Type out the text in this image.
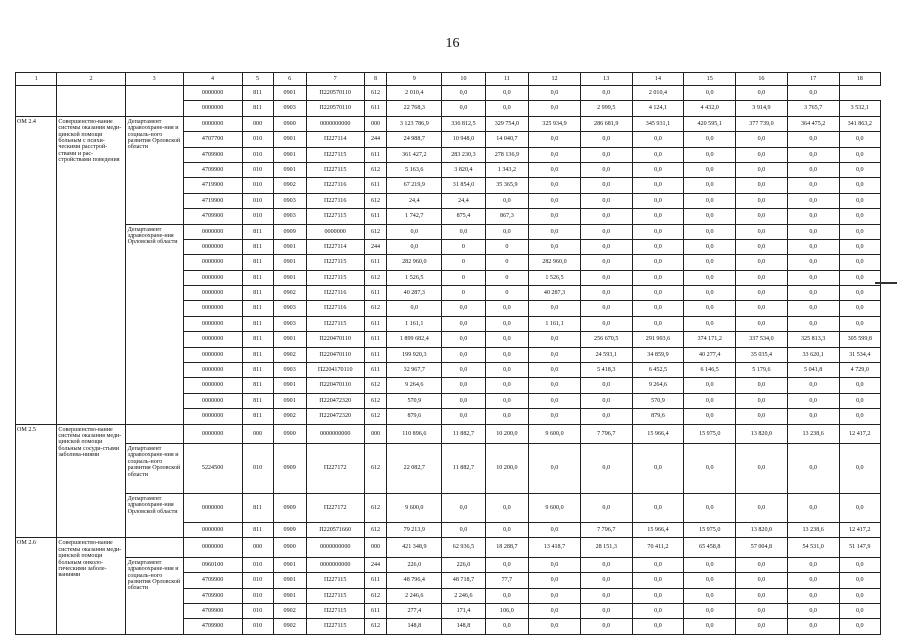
16
1	2	3	4	5	6	7	8	9	10	11	12	13	14	15	16	17	18
			0000000	811	0901	П220570110	612	2 010,4	0,0	0,0	0,0	0,0	2 010,4	0,0	0,0	0,0	
			0000000	811	0903	П220570110	611	22 768,3	0,0	0,0	0,0	2 999,5	4 124,1	4 432,0	3 914,9	3 765,7	3 532,1
ОМ 2.4	Совершенство-вание системы оказания меди-цинской помощи больным с психи-ческими расстрой-ствами и рас-стройствами поведения	Департамент здравоохране-ния и социаль-ного развития Орловской области	0000000	000	0900	0000000000	000	3 123 786,9	336 812,5	329 754,0	325 934,9	286 681,9	345 931,1	420 595,1	377 739,0	364 475,2	341 863,2
			4707700	010	0901	П227114	244	24 988,7	10 948,0	14 040,7	0,0	0,0	0,0	0,0	0,0	0,0	0,0
			4709900	010	0901	П227115	611	361 427,2	283 230,3	278 136,9	0,0	0,0	0,0	0,0	0,0	0,0	0,0
			4709900	010	0901	П227115	612	5 163,6	3 820,4	1 343,2	0,0	0,0	0,0	0,0	0,0	0,0	0,0
			4719900	010	0902	П227116	611	67 219,9	31 854,0	35 365,9	0,0	0,0	0,0	0,0	0,0	0,0	0,0
			4719900	010	0903	П227116	612	24,4	24,4	0,0	0,0	0,0	0,0	0,0	0,0	0,0	0,0
			4709900	010	0903	П227115	611	1 742,7	875,4	867,3	0,0	0,0	0,0	0,0	0,0	0,0	0,0
		Департамент здравоохране-ния Орловской области	0000000	811	0909	0000000	612	0,0	0,0	0,0	0,0	0,0	0,0	0,0	0,0	0,0	0,0
			0000000	811	0901	П227114	244	0,0	0	0	0,0	0,0	0,0	0,0	0,0	0,0	0,0
			0000000	811	0901	П227115	611	282 960,0	0	0	282 960,0	0,0	0,0	0,0	0,0	0,0	0,0
			0000000	811	0901	П227115	612	1 526,5	0	0	1 526,5	0,0	0,0	0,0	0,0	0,0	0,0
			0000000	811	0902	П227116	611	40 287,3	0	0	40 287,3	0,0	0,0	0,0	0,0	0,0	0,0
			0000000	811	0903	П227116	612	0,0	0,0	0,0	0,0	0,0	0,0	0,0	0,0	0,0	0,0
			0000000	811	0903	П227115	611	1 161,1	0,0	0,0	1 161,1	0,0	0,0	0,0	0,0	0,0	0,0
			0000000	811	0901	П220470110	611	1 899 682,4	0,0	0,0	0,0	256 670,5	291 903,6	374 171,2	337 534,0	325 813,3	305 599,8
			0000000	811	0902	П220470110	611	199 920,3	0,0	0,0	0,0	24 593,1	34 859,9	40 277,4	35 035,4	33 620,1	31 534,4
			0000000	811	0903	П2204170110	611	32 967,7	0,0	0,0	0,0	5 418,3	6 452,5	6 146,5	5 179,6	5 041,8	4 729,0
			0000000	811	0901	П220470110	612	9 264,6	0,0	0,0	0,0	0,0	9 264,6	0,0	0,0	0,0	0,0
			0000000	811	0901	П220472320	612	570,9	0,0	0,0	0,0	0,0	570,9	0,0	0,0	0,0	0,0
			0000000	811	0902	П220472320	612	879,6	0,0	0,0	0,0	0,0	879,6	0,0	0,0	0,0	0,0
ОМ 2.5	Совершенство-вание системы оказания меди-цинской помощи больным сосуди-стыми заболева-ниями		0000000	000	0900	0000000000	000	110 896,6	11 882,7	10 200,0	9 600,0	7 796,7	15 966,4	15 975,0	13 820,0	13 238,6	12 417,2
		Департамент здравоохране-ния и социаль-ного развития Орловской области	5224500	010	0909	П227172	612	22 082,7	11 882,7	10 200,0	0,0	0,0	0,0	0,0	0,0	0,0	0,0
		Департамент здравоохране-ния Орловской области	0000000	811	0909	П227172	612	9 600,0	0,0	0,0	9 600,0	0,0	0,0	0,0	0,0	0,0	0,0
			0000000	811	0909	П220571660	612	79 213,9	0,0	0,0	0,0	7 796,7	15 966,4	15 975,0	13 820,0	13 238,6	12 417,2
ОМ 2.6	Совершенство-вание системы оказания меди-цинской помощи больным онколо-гическими заболе-ваниями		0000000	000	0900	0000000000	000	421 348,9	62 936,5	18 288,7	13 418,7	28 151,3	70 411,2	65 458,8	57 004,8	54 531,0	51 147,9
		Департамент здравоохране-ния и социаль-ного развития Орловской области	0960100	010	0901	0000000000	244	226,0	226,0	0,0	0,0	0,0	0,0	0,0	0,0	0,0	0,0
			4709900	010	0901	П227115	611	48 796,4	48 718,7	77,7	0,0	0,0	0,0	0,0	0,0	0,0	0,0
			4709900	010	0901	П227115	612	2 246,6	2 246,6	0,0	0,0	0,0	0,0	0,0	0,0	0,0	0,0
			4709900	010	0902	П227115	611	277,4	171,4	106,0	0,0	0,0	0,0	0,0	0,0	0,0	0,0
			4709900	010	0902	П227115	612	148,8	148,8	0,0	0,0	0,0	0,0	0,0	0,0	0,0	0,0
